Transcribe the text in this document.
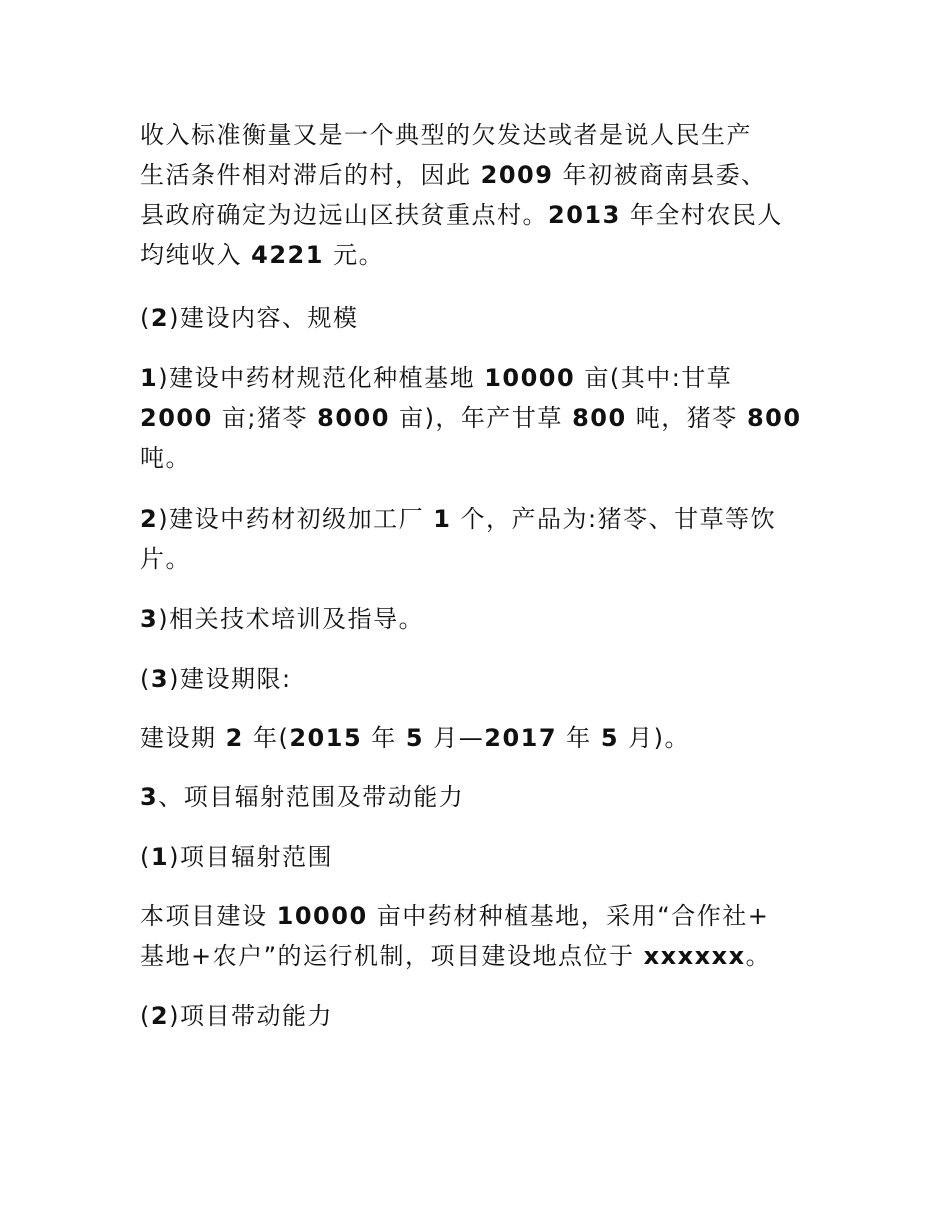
收入标准衡量又是一个典型的欠发达或者是说人民生产
生活条件相对滞后的村，因此 2009 年初被商南县委、
县政府确定为边远山区扶贫重点村。2013 年全村农民人
均纯收入 4221 元。
(2)建设内容、规模
1)建设中药材规范化种植基地 10000 亩(其中:甘草
2000 亩;猪苓 8000 亩)，年产甘草 800 吨，猪苓 800
吨。
2)建设中药材初级加工厂 1 个，产品为:猪苓、甘草等饮
片。
3)相关技术培训及指导。
(3)建设期限:
建设期 2 年(2015 年 5 月—2017 年 5 月)。
3、项目辐射范围及带动能力
(1)项目辐射范围
本项目建设 10000 亩中药材种植基地，采用“合作社+
基地+农户”的运行机制，项目建设地点位于 xxxxxx。
(2)项目带动能力
